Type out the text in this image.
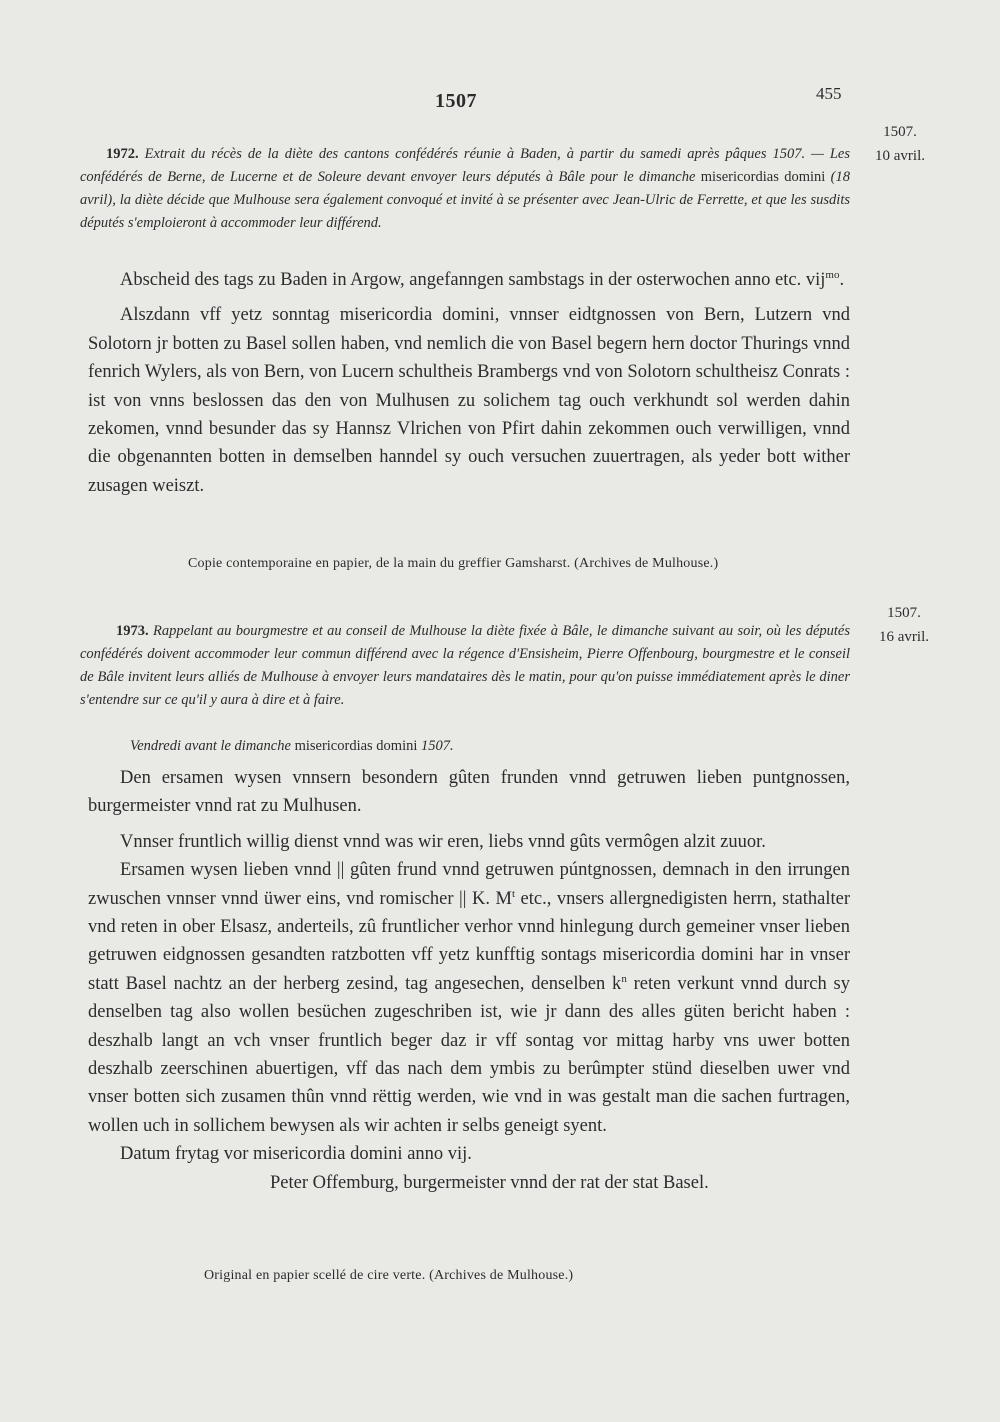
1507	455
1507.
10 avril.
1972. Extrait du récès de la diète des cantons confédérés réunie à Baden, à partir du samedi après pâques 1507. — Les confédérés de Berne, de Lucerne et de Soleure devant envoyer leurs députés à Bâle pour le dimanche misericordias domini (18 avril), la diète décide que Mulhouse sera également convoqué et invité à se présenter avec Jean-Ulric de Ferrette, et que les susdits députés s'emploieront à accommoder leur différend.

Abscheid des tags zu Baden in Argow, angefanngen sambstags in der osterwochen anno etc. vij$^{mo}$.

Alszdann vff yetz sonntag misericordia domini, vnnser eidtgnossen von Bern, Lutzern vnd Solotorn jr botten zu Basel sollen haben, vnd nemlich die von Basel begern hern doctor Thurings vnnd fenrich Wylers, als von Bern, von Lucern schultheis Brambergs vnd von Solotorn schultheisz Conrats : ist von vnns beslossen das den von Mulhusen zu solichem tag ouch verkhundt sol werden dahin zekomen, vnnd besunder das sy Hannsz Vlrichen von Pfirt dahin zekommen ouch verwilligen, vnnd die obgenannten botten in demselben hanndel sy ouch versuchen zuuertragen, als yeder bott wither zusagen weiszt.

Copie contemporaine en papier, de la main du greffier Gamsharst. (Archives de Mulhouse.)
1507.
16 avril.
1973. Rappelant au bourgmestre et au conseil de Mulhouse la diète fixée à Bâle, le dimanche suivant au soir, où les députés confédérés doivent accommoder leur commun différend avec la régence d'Ensisheim, Pierre Offenbourg, bourgmestre et le conseil de Bâle invitent leurs alliés de Mulhouse à envoyer leurs mandataires dès le matin, pour qu'on puisse immédiatement après le diner s'entendre sur ce qu'il y aura à dire et à faire.
Vendredi avant le dimanche misericordias domini 1507.

Den ersamen wysen vnnsern besondern gûten frunden vnnd getruwen lieben puntgnossen, burgermeister vnnd rat zu Mulhusen.

Vnnser fruntlich willig dienst vnnd was wir eren, liebs vnnd gûts vermôgen alzit zuuor.

Ersamen wysen lieben vnnd || gûten frund vnnd getruwen púntgnossen, demnach in den irrungen zwuschen vnnser vnnd üwer eins, vnd romischer || K. $M^t$ etc., vnsers allergnedigisten herrn, stathalter vnd reten in ober Elsasz, anderteils, zû fruntlicher verhor vnnd hinlegung durch gemeiner vnser lieben getruwen eidgnossen gesandten ratzbotten vff yetz kunfftig sontags misericordia domini har in vnser statt Basel nachtz an der herberg zesind, tag angesechen, denselben $k^n$ reten verkunt vnnd durch sy denselben tag also wollen besüchen zugeschriben ist, wie jr dann des alles güten bericht haben : deszhalb langt an vch vnser fruntlich beger daz ir vff sontag vor mittag harby vns uwer botten deszhalb zeerschinen abuertigen, vff das nach dem ymbis zu berûmpter stünd dieselben uwer vnd vnser botten sich zusamen thûn vnnd rëttig werden, wie vnd in was gestalt man die sachen furtragen, wollen uch in sollichem bewysen als wir achten ir selbs geneigt syent.

Datum frytag vor misericordia domini anno vij.

Peter Offemburg, burgermeister vnnd der rat der stat Basel.

Original en papier scellé de cire verte. (Archives de Mulhouse.)
